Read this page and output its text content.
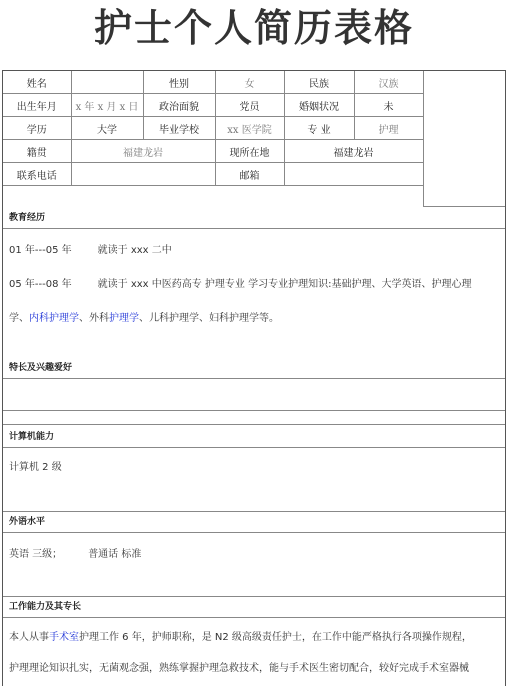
护士个人简历表格
姓名		性别	女	民族	汉族
出生年月	x 年 x 月 x 日	政治面貌	党员	婚姻状况	未
学历	大学	毕业学校	xx 医学院	专 业	护理
籍贯	福建龙岩		现所在地	福建龙岩	
联系电话			邮箱		
教育经历
01 年---05 年	就读于 xxx 二中
05 年---08 年	就读于 xxx 中医药高专 护理专业 学习专业护理知识:基础护理、大学英语、护理心理
学、内科护理学、外科护理学、儿科护理学、妇科护理学等。
特长及兴趣爱好
计算机能力
计算机 2 级
外语水平
英语 三级；	普通话 标准
工作能力及其专长
本人从事手术室护理工作 6 年，护师职称，是 N2 级高级责任护士，在工作中能严格执行各项操作规程，
护理理论知识扎实，无菌观念强，熟练掌握护理急救技术，能与手术医生密切配合，较好完成手术室器械
